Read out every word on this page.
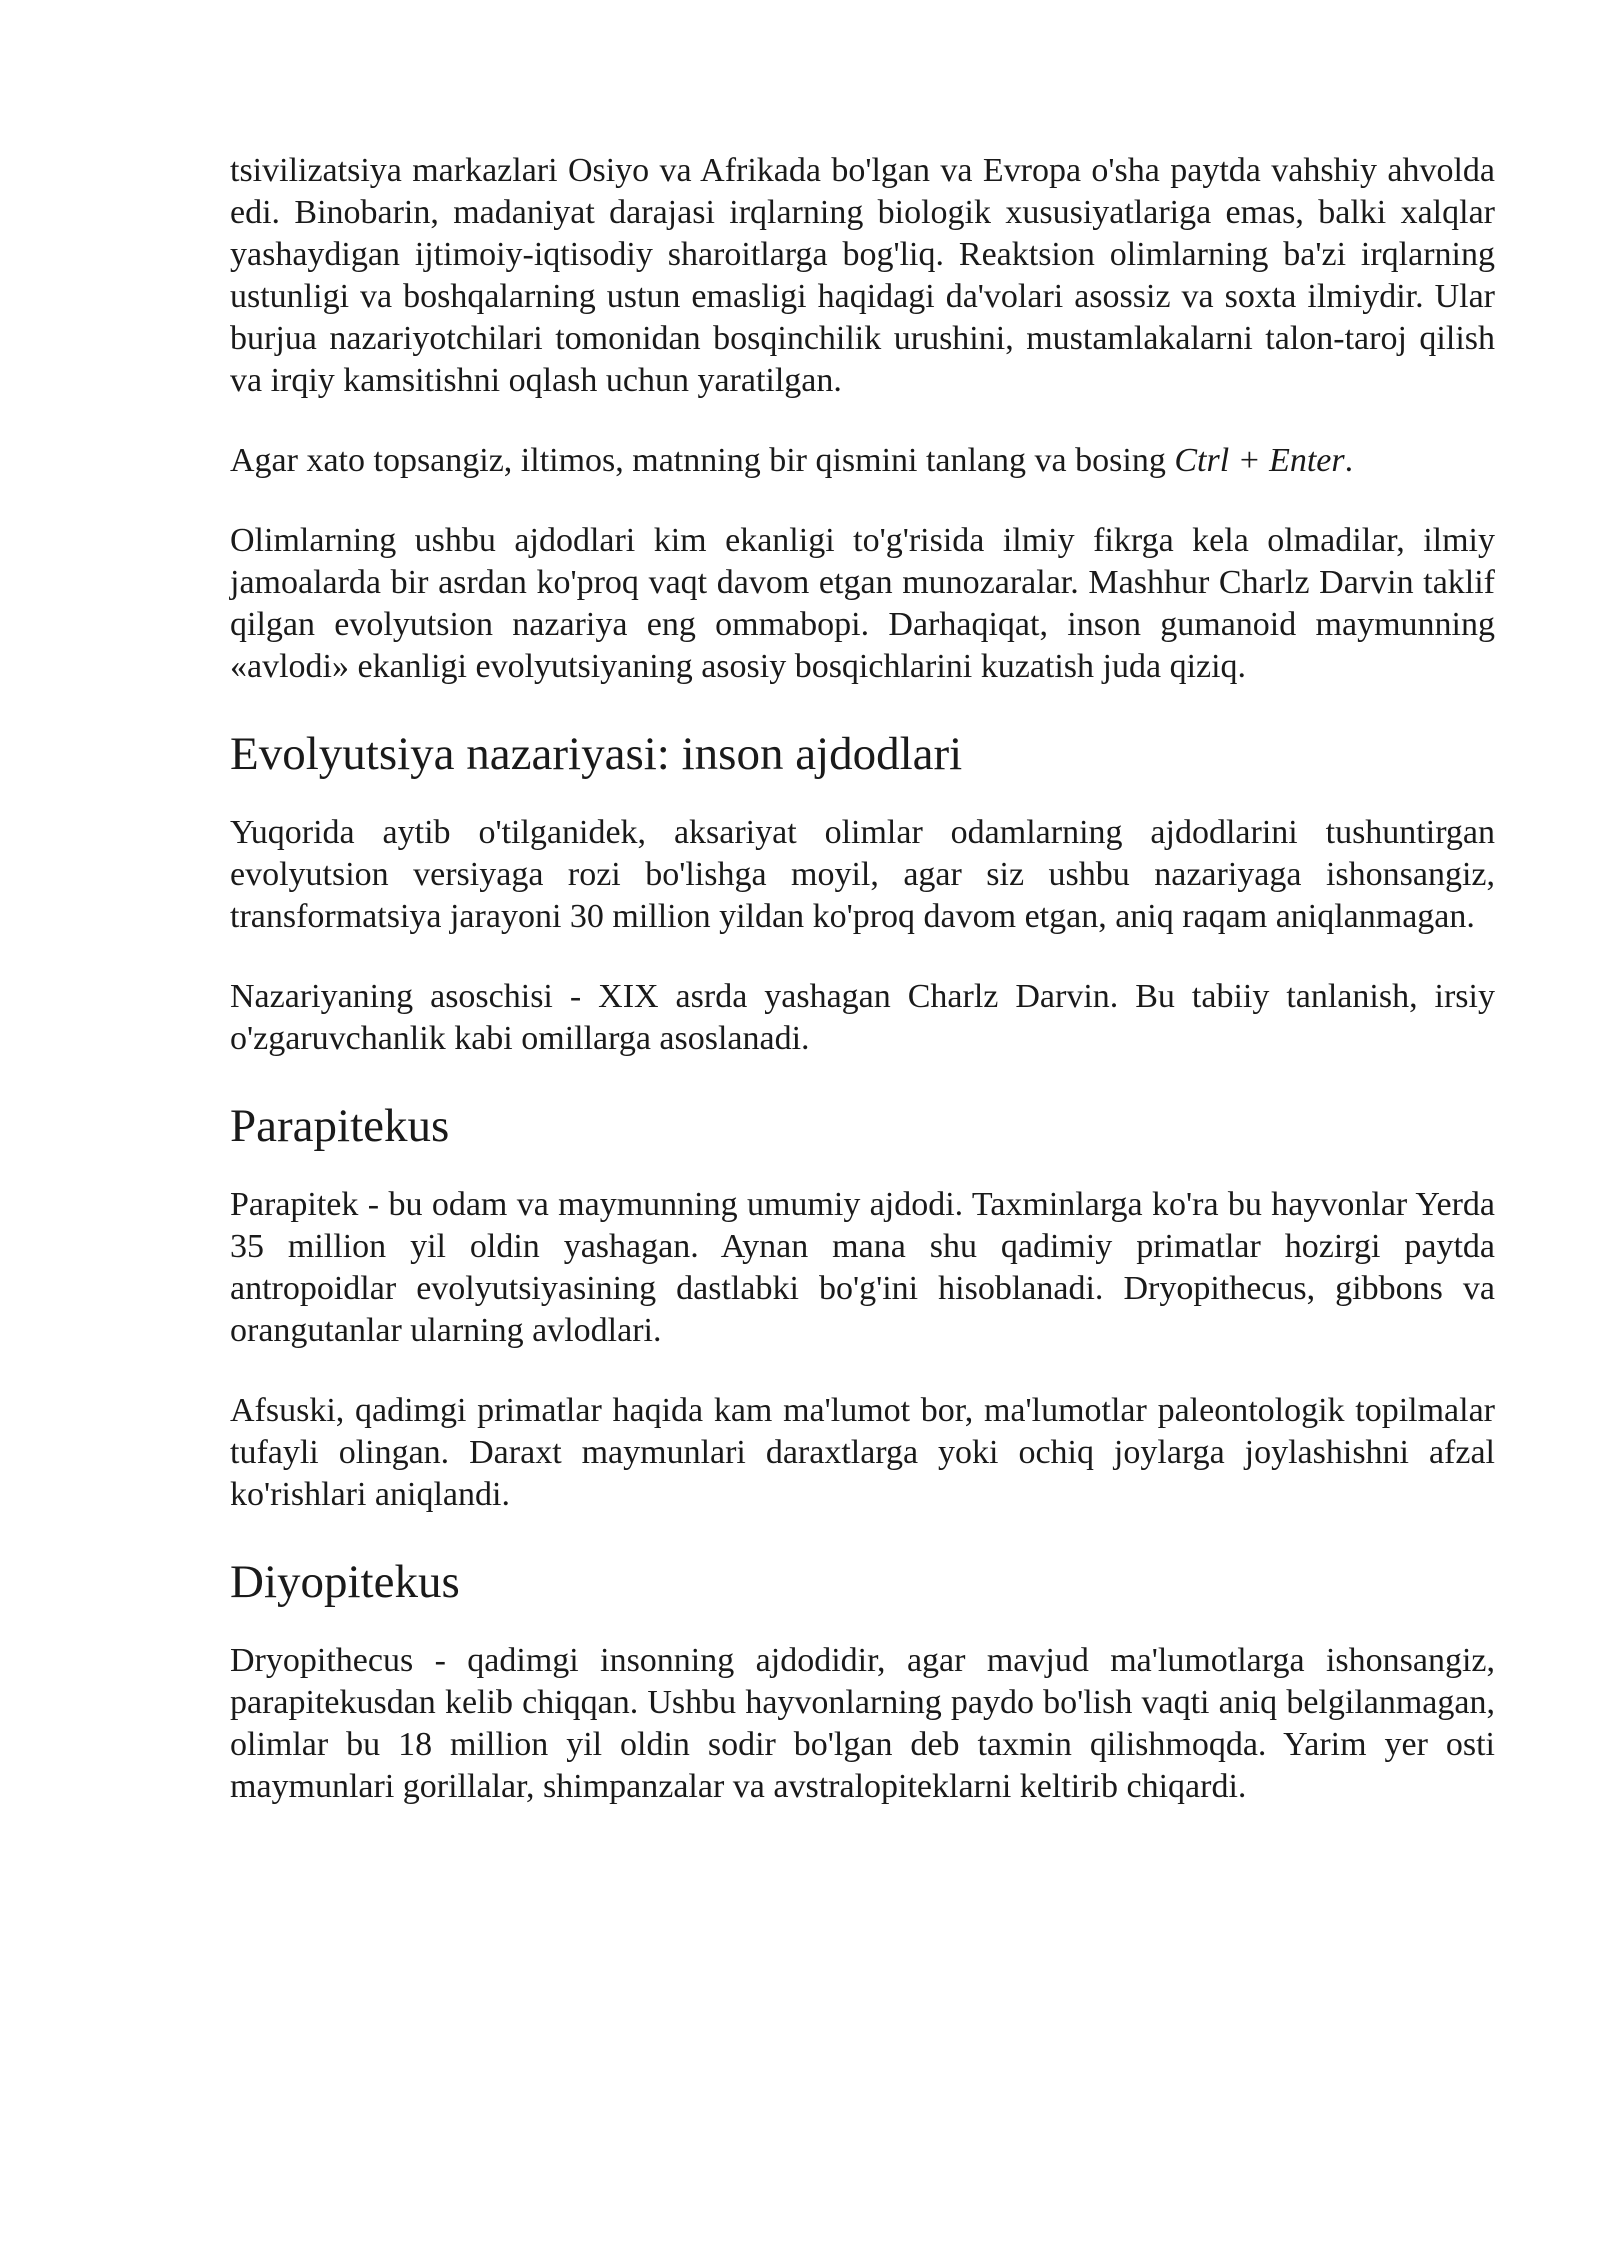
tsivilizatsiya markazlari Osiyo va Afrikada bo'lgan va Evropa o'sha paytda vahshiy ahvolda edi. Binobarin, madaniyat darajasi irqlarning biologik xususiyatlariga emas, balki xalqlar yashaydigan ijtimoiy-iqtisodiy sharoitlarga bog'liq. Reaktsion olimlarning ba'zi irqlarning ustunligi va boshqalarning ustun emasligi haqidagi da'volari asossiz va soxta ilmiydir. Ular burjua nazariyotchilari tomonidan bosqinchilik urushini, mustamlakalarni talon-taroj qilish va irqiy kamsitishni oqlash uchun yaratilgan.

Agar xato topsangiz, iltimos, matnning bir qismini tanlang va bosing Ctrl + Enter.

Olimlarning ushbu ajdodlari kim ekanligi to'g'risida ilmiy fikrga kela olmadilar, ilmiy jamoalarda bir asrdan ko'proq vaqt davom etgan munozaralar. Mashhur Charlz Darvin taklif qilgan evolyutsion nazariya eng ommabopi. Darhaqiqat, inson gumanoid maymunning «avlodi» ekanligi evolyutsiyaning asosiy bosqichlarini kuzatish juda qiziq.

Evolyutsiya nazariyasi: inson ajdodlari

Yuqorida aytib o'tilganidek, aksariyat olimlar odamlarning ajdodlarini tushuntirgan evolyutsion versiyaga rozi bo'lishga moyil, agar siz ushbu nazariyaga ishonsangiz, transformatsiya jarayoni 30 million yildan ko'proq davom etgan, aniq raqam aniqlanmagan.

Nazariyaning asoschisi - XIX asrda yashagan Charlz Darvin. Bu tabiiy tanlanish, irsiy o'zgaruvchanlik kabi omillarga asoslanadi.

Parapitekus

Parapitek - bu odam va maymunning umumiy ajdodi. Taxminlarga ko'ra bu hayvonlar Yerda 35 million yil oldin yashagan. Aynan mana shu qadimiy primatlar hozirgi paytda antropoidlar evolyutsiyasining dastlabki bo'g'ini hisoblanadi. Dryopithecus, gibbons va orangutanlar ularning avlodlari.

Afsuski, qadimgi primatlar haqida kam ma'lumot bor, ma'lumotlar paleontologik topilmalar tufayli olingan. Daraxt maymunlari daraxtlarga yoki ochiq joylarga joylashishni afzal ko'rishlari aniqlandi.

Diyopitekus

Dryopithecus - qadimgi insonning ajdodidir, agar mavjud ma'lumotlarga ishonsangiz, parapitekusdan kelib chiqqan. Ushbu hayvonlarning paydo bo'lish vaqti aniq belgilanmagan, olimlar bu 18 million yil oldin sodir bo'lgan deb taxmin qilishmoqda. Yarim yer osti maymunlari gorillalar, shimpanzalar va avstralopiteklarni keltirib chiqardi.
